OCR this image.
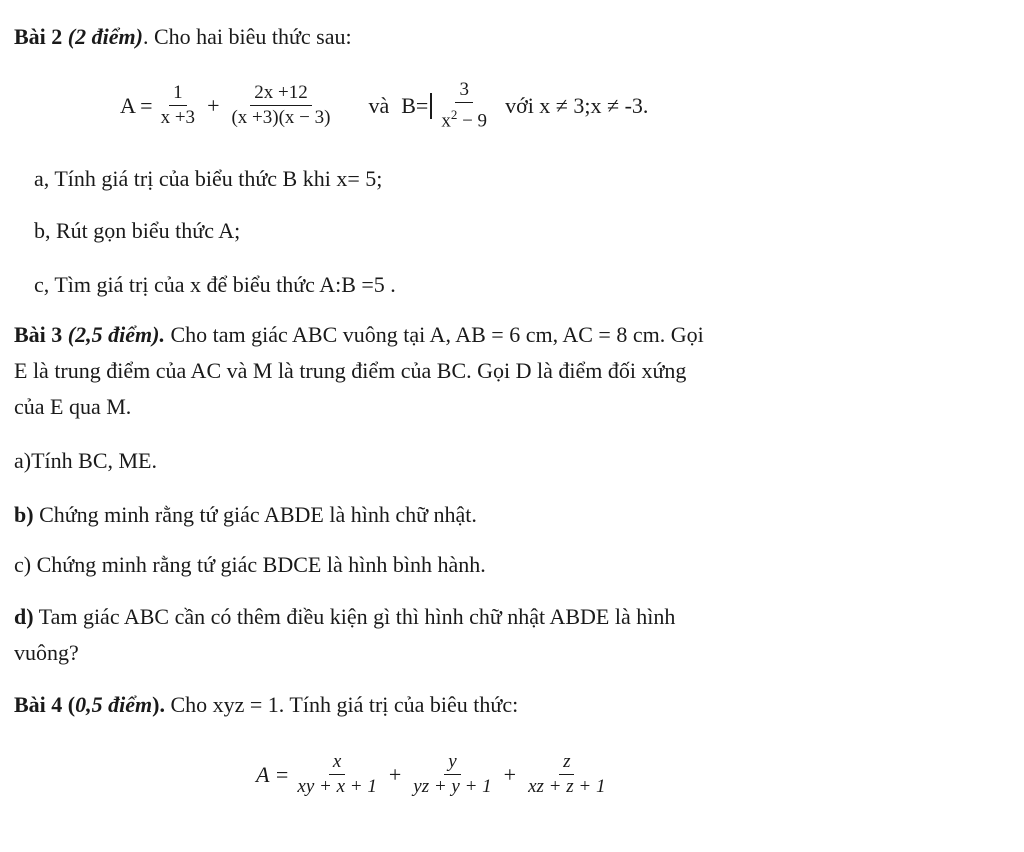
Bài 2 (2 điểm). Cho hai biêu thức sau:
$A = \frac{1}{x +3} + \frac{2x +12}{(x +3)(x - 3)}$ và $B= \frac{3}{x^2 - 9}$ với x ≠ 3;x ≠ -3.
a, Tính giá trị của biểu thức B khi x= 5;
b, Rút gọn biểu thức A;
c, Tìm giá trị của x để biểu thức A:B =5 .
Bài 3 (2,5 điểm). Cho tam giác ABC vuông tại A, AB = 6 cm, AC = 8 cm. Gọi
E là trung điểm của AC và M là trung điểm của BC. Gọi D là điểm đối xứng
của E qua M.
a)Tính BC, ME.
b) Chứng minh rằng tứ giác ABDE là hình chữ nhật.
c) Chứng minh rằng tứ giác BDCE là hình bình hành.
d) Tam giác ABC cần có thêm điều kiện gì thì hình chữ nhật ABDE là hình
vuông?
Bài 4 (0,5 điểm). Cho xyz = 1. Tính giá trị của biêu thức:
$A = \frac{x}{xy + x + 1} + \frac{y}{yz + y + 1} + \frac{z}{xz + z + 1}$
